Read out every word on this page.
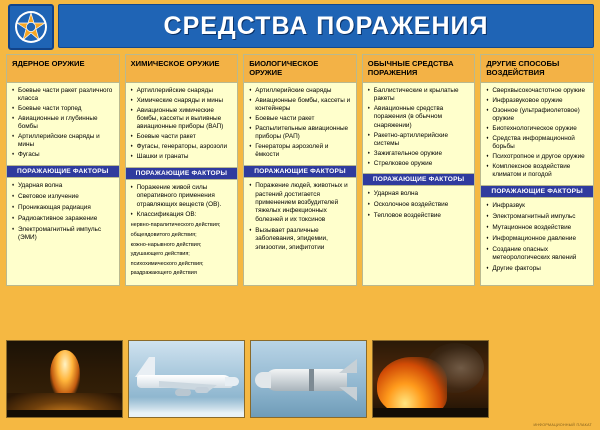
СРЕДСТВА ПОРАЖЕНИЯ
ЯДЕРНОЕ ОРУЖИЕ
♦ Боевые части ракет различного класса
♦ Боевые части торпед
♦ Авиационные и глубинные бомбы
♦ Артиллерийские снаряды и мины
♦ Фугасы
ПОРАЖАЮЩИЕ ФАКТОРЫ
♦ Ударная волна
♦ Световое излучение
♦ Проникающая радиация
♦ Радиоактивное заражение
♦ Электромагнитный импульс (ЭМИ)
ХИМИЧЕСКОЕ ОРУЖИЕ
♦ Артиллерийские снаряды
♦ Химические снаряды и мины
♦ Авиационные химические бомбы, кассеты и выливные авиационные приборы (ВАП)
♦ Боевые части ракет
♦ Фугасы, генераторы, аэрозоли
♦ Шашки и гранаты
ПОРАЖАЮЩИЕ ФАКТОРЫ
♦ Поражение живой силы оперативного применения отравляющих веществ (ОВ).
♦ Классификация ОВ:
нервно-паралитического действия;
общеядовитого действия;
кожно-нарывного действия;
удушающего действия;
психохимического действия;
раздражающего действия
БИОЛОГИЧЕСКОЕ ОРУЖИЕ
♦ Артиллерийские снаряды
♦ Авиационные бомбы, кассеты и контейнеры
♦ Боевые части ракет
♦ Распылительные авиационные приборы (РАП)
♦ Генераторы аэрозолей и ёмкости
ПОРАЖАЮЩИЕ ФАКТОРЫ
♦ Поражение людей, животных и растений достигается применением возбудителей тяжелых инфекционных болезней и их токсинов
♦ Вызывает различные заболевания, эпидемии, эпизоотии, эпифитотии
ОБЫЧНЫЕ СРЕДСТВА ПОРАЖЕНИЯ
♦ Баллистические и крылатые ракеты
♦ Авиационные средства поражения (в обычном снаряжении)
♦ Ракетно-артиллерийские системы
♦ Зажигательное оружие
♦ Стрелковое оружие
ПОРАЖАЮЩИЕ ФАКТОРЫ
♦ Ударная волна
♦ Осколочное воздействие
♦ Тепловое воздействие
ДРУГИЕ СПОСОБЫ ВОЗДЕЙСТВИЯ
♦ Сверхвысокочастотное оружие
♦ Инфразвуковое оружие
♦ Озонное (ультрафиолетовое) оружие
♦ Биотехнологическое оружие
♦ Средства информационной борьбы
♦ Психотропное и другое оружие
♦ Комплексное воздействие климатом и погодой
ПОРАЖАЮЩИЕ ФАКТОРЫ
♦ Инфразвук
♦ Электромагнитный импульс
♦ Мутационное воздействие
♦ Информационное давление
♦ Создание опасных метеорологических явлений
♦ Другие факторы
ИНФОРМАЦИОННЫЙ ПЛАКАТ
